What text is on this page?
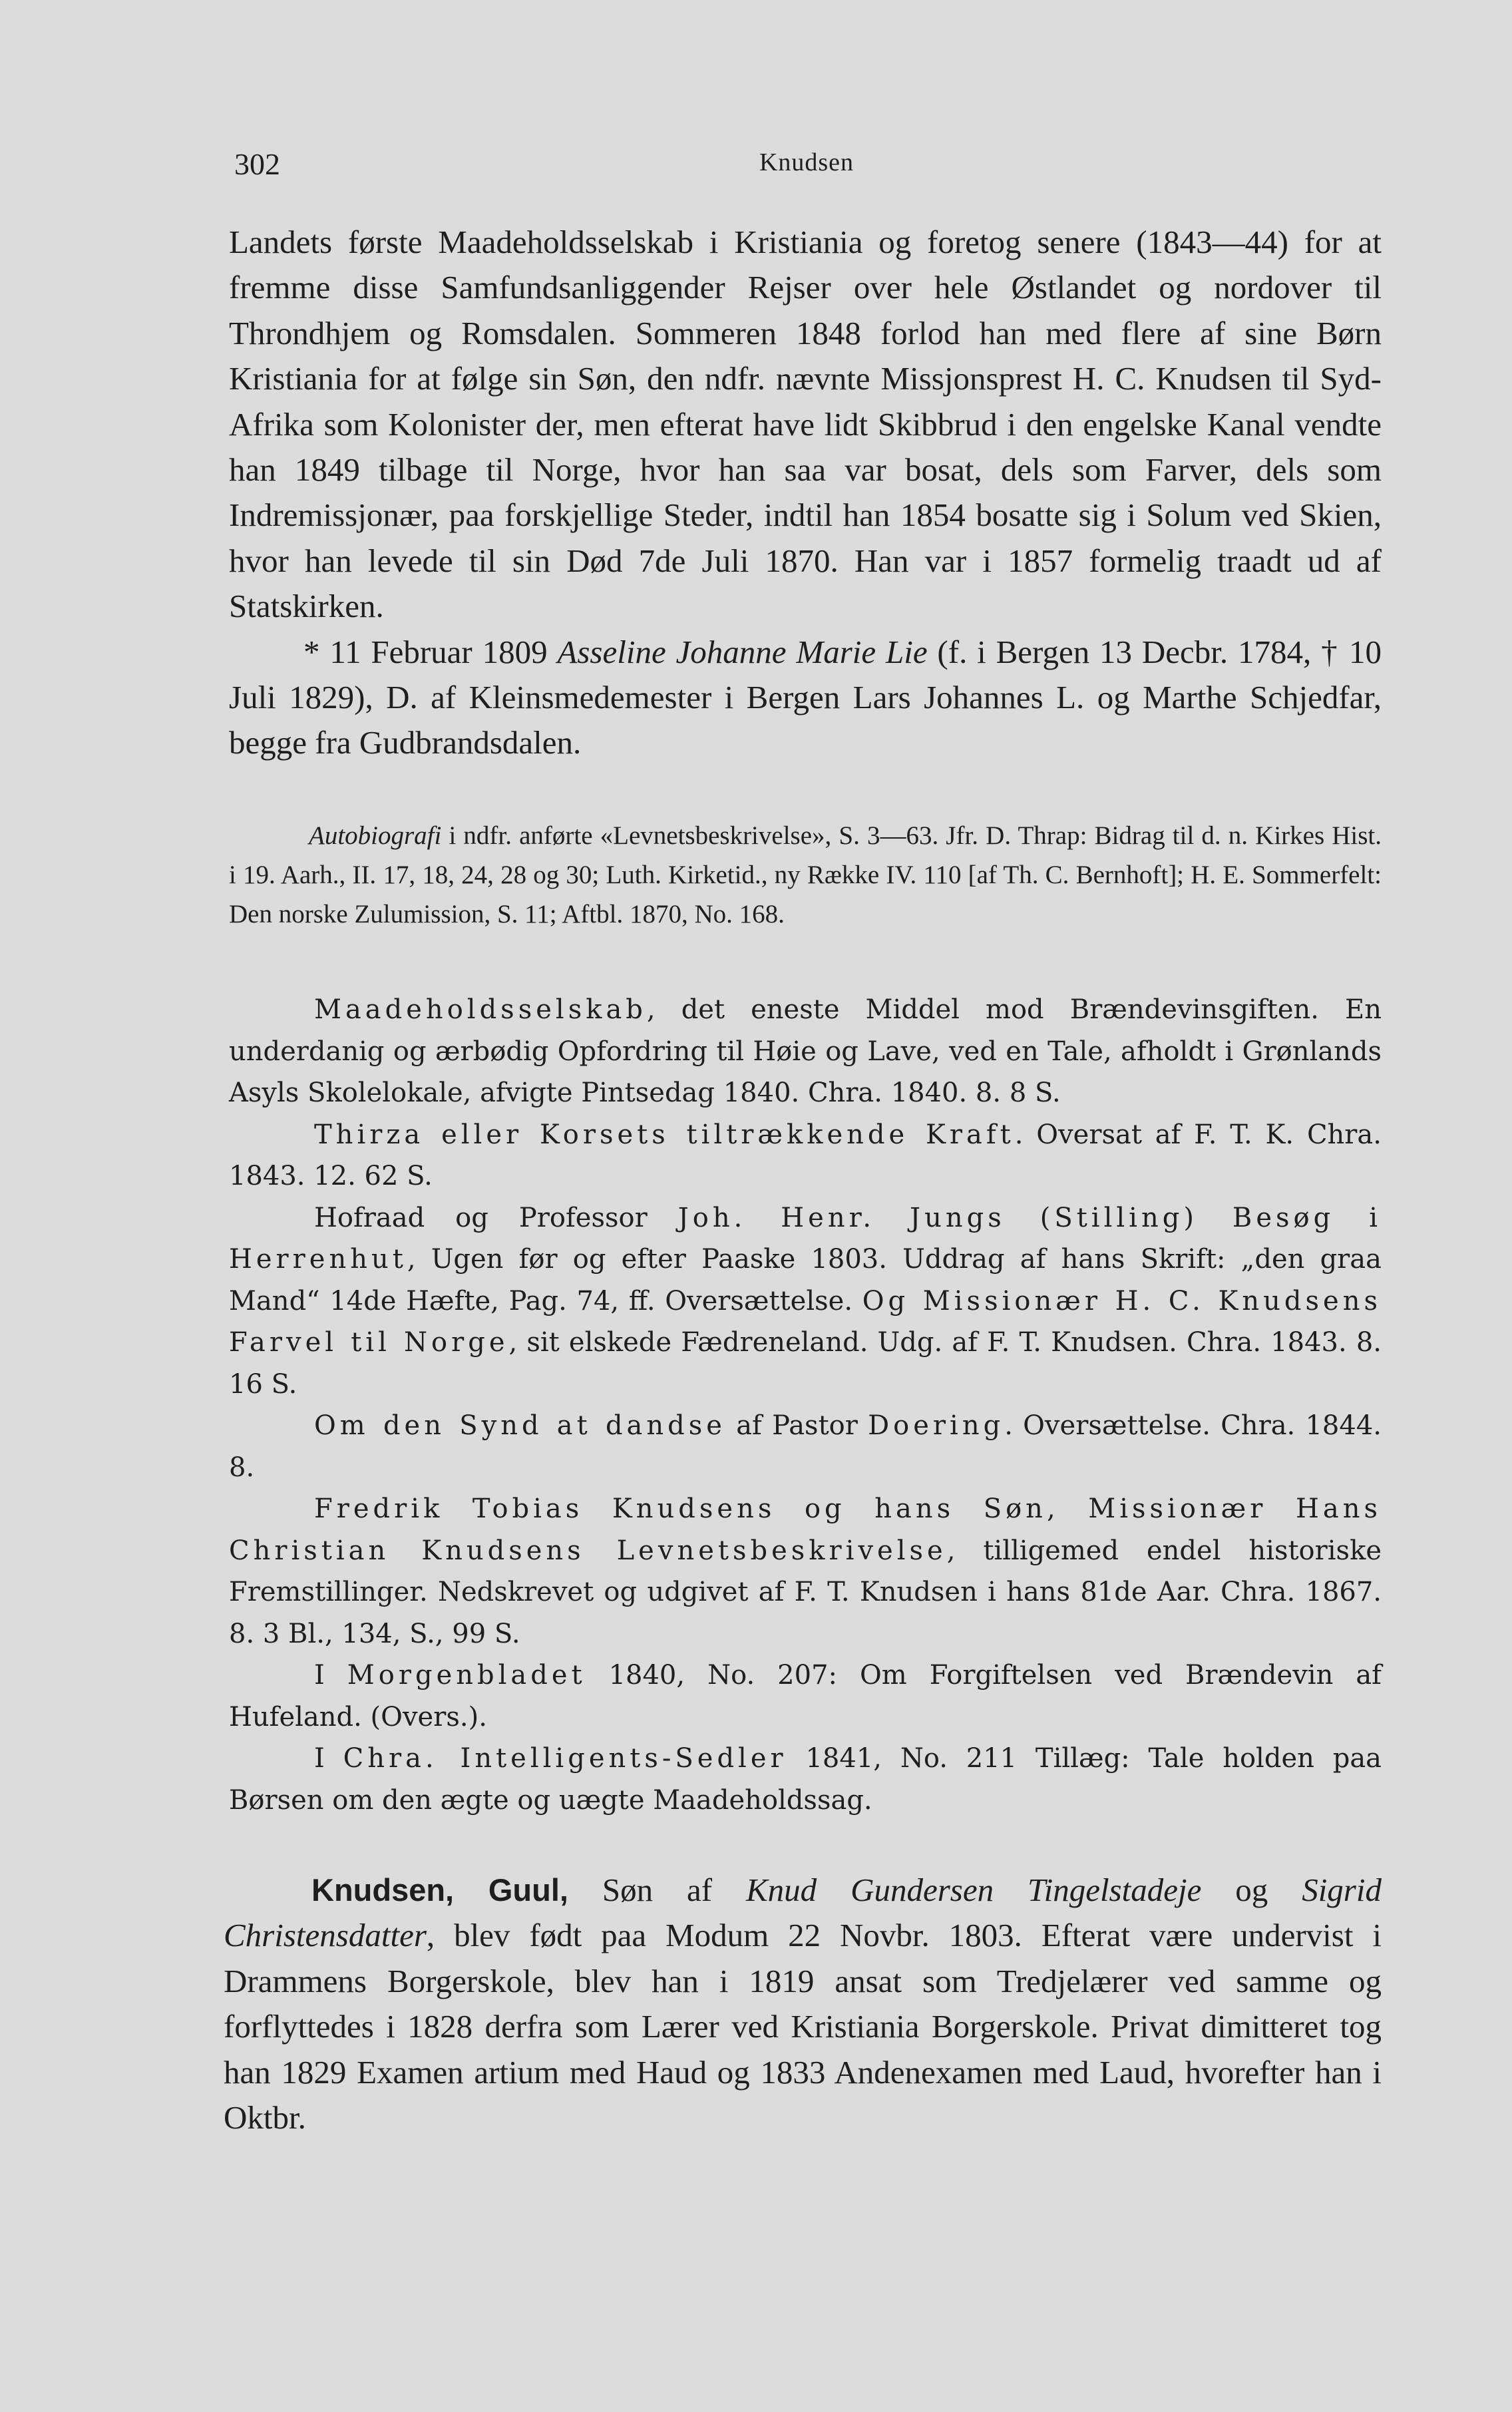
302	Knudsen

Landets første Maadeholdsselskab i Kristiania og foretog senere (1843—44) for at fremme disse Samfundsanliggender Rejser over hele Østlandet og nordover til Throndhjem og Romsdalen. Sommeren 1848 forlod han med flere af sine Børn Kristiania for at følge sin Søn, den ndfr. nævnte Missjonsprest H. C. Knudsen til Syd-Afrika som Kolonister der, men efterat have lidt Skibbrud i den engelske Kanal vendte han 1849 tilbage til Norge, hvor han saa var bosat, dels som Farver, dels som Indremissjonær, paa forskjellige Steder, indtil han 1854 bosatte sig i Solum ved Skien, hvor han levede til sin Død 7de Juli 1870. Han var i 1857 formelig traadt ud af Statskirken.

* 11 Februar 1809 Asseline Johanne Marie Lie (f. i Bergen 13 Decbr. 1784, † 10 Juli 1829), D. af Kleinsmedemester i Bergen Lars Johannes L. og Marthe Schjedfar, begge fra Gudbrandsdalen.

Autobiografi i ndfr. anførte «Levnetsbeskrivelse», S. 3—63. Jfr. D. Thrap: Bidrag til d. n. Kirkes Hist. i 19. Aarh., II. 17, 18, 24, 28 og 30; Luth. Kirketid., ny Række IV. 110 [af Th. C. Bernhoft]; H. E. Sommerfelt: Den norske Zulumission, S. 11; Aftbl. 1870, No. 168.

Maadeholdsselskab, det eneste Middel mod Brændevinsgiften. En underdanig og ærbødig Opfordring til Høie og Lave, ved en Tale, afholdt i Grønlands Asyls Skolelokale, afvigte Pintsedag 1840. Chra. 1840. 8. 8 S.

Thirza eller Korsets tiltrækkende Kraft. Oversat af F. T. K. Chra. 1843. 12. 62 S.

Hofraad og Professor Joh. Henr. Jungs (Stilling) Besøg i Herrenhut, Ugen før og efter Paaske 1803. Uddrag af hans Skrift: „den graa Mand“ 14de Hæfte, Pag. 74, ff. Oversættelse. Og Missionær H. C. Knudsens Farvel til Norge, sit elskede Fædreneland. Udg. af F. T. Knudsen. Chra. 1843. 8. 16 S.

Om den Synd at dandse af Pastor Doering. Oversættelse. Chra. 1844. 8.

Fredrik Tobias Knudsens og hans Søn, Missionær Hans Christian Knudsens Levnetsbeskrivelse, tilligemed endel historiske Fremstillinger. Nedskrevet og udgivet af F. T. Knudsen i hans 81de Aar. Chra. 1867. 8. 3 Bl., 134, S., 99 S.

I Morgenbladet 1840, No. 207: Om Forgiftelsen ved Brændevin af Hufeland. (Overs.).

I Chra. Intelligents-Sedler 1841, No. 211 Tillæg: Tale holden paa Børsen om den ægte og uægte Maadeholdssag.

Knudsen, Guul, Søn af Knud Gundersen Tingelstadeje og Sigrid Christensdatter, blev født paa Modum 22 Novbr. 1803. Efterat være undervist i Drammens Borgerskole, blev han i 1819 ansat som Tredjelærer ved samme og forflyttedes i 1828 derfra som Lærer ved Kristiania Borgerskole. Privat dimitteret tog han 1829 Examen artium med Haud og 1833 Andenexamen med Laud, hvorefter han i Oktbr.
